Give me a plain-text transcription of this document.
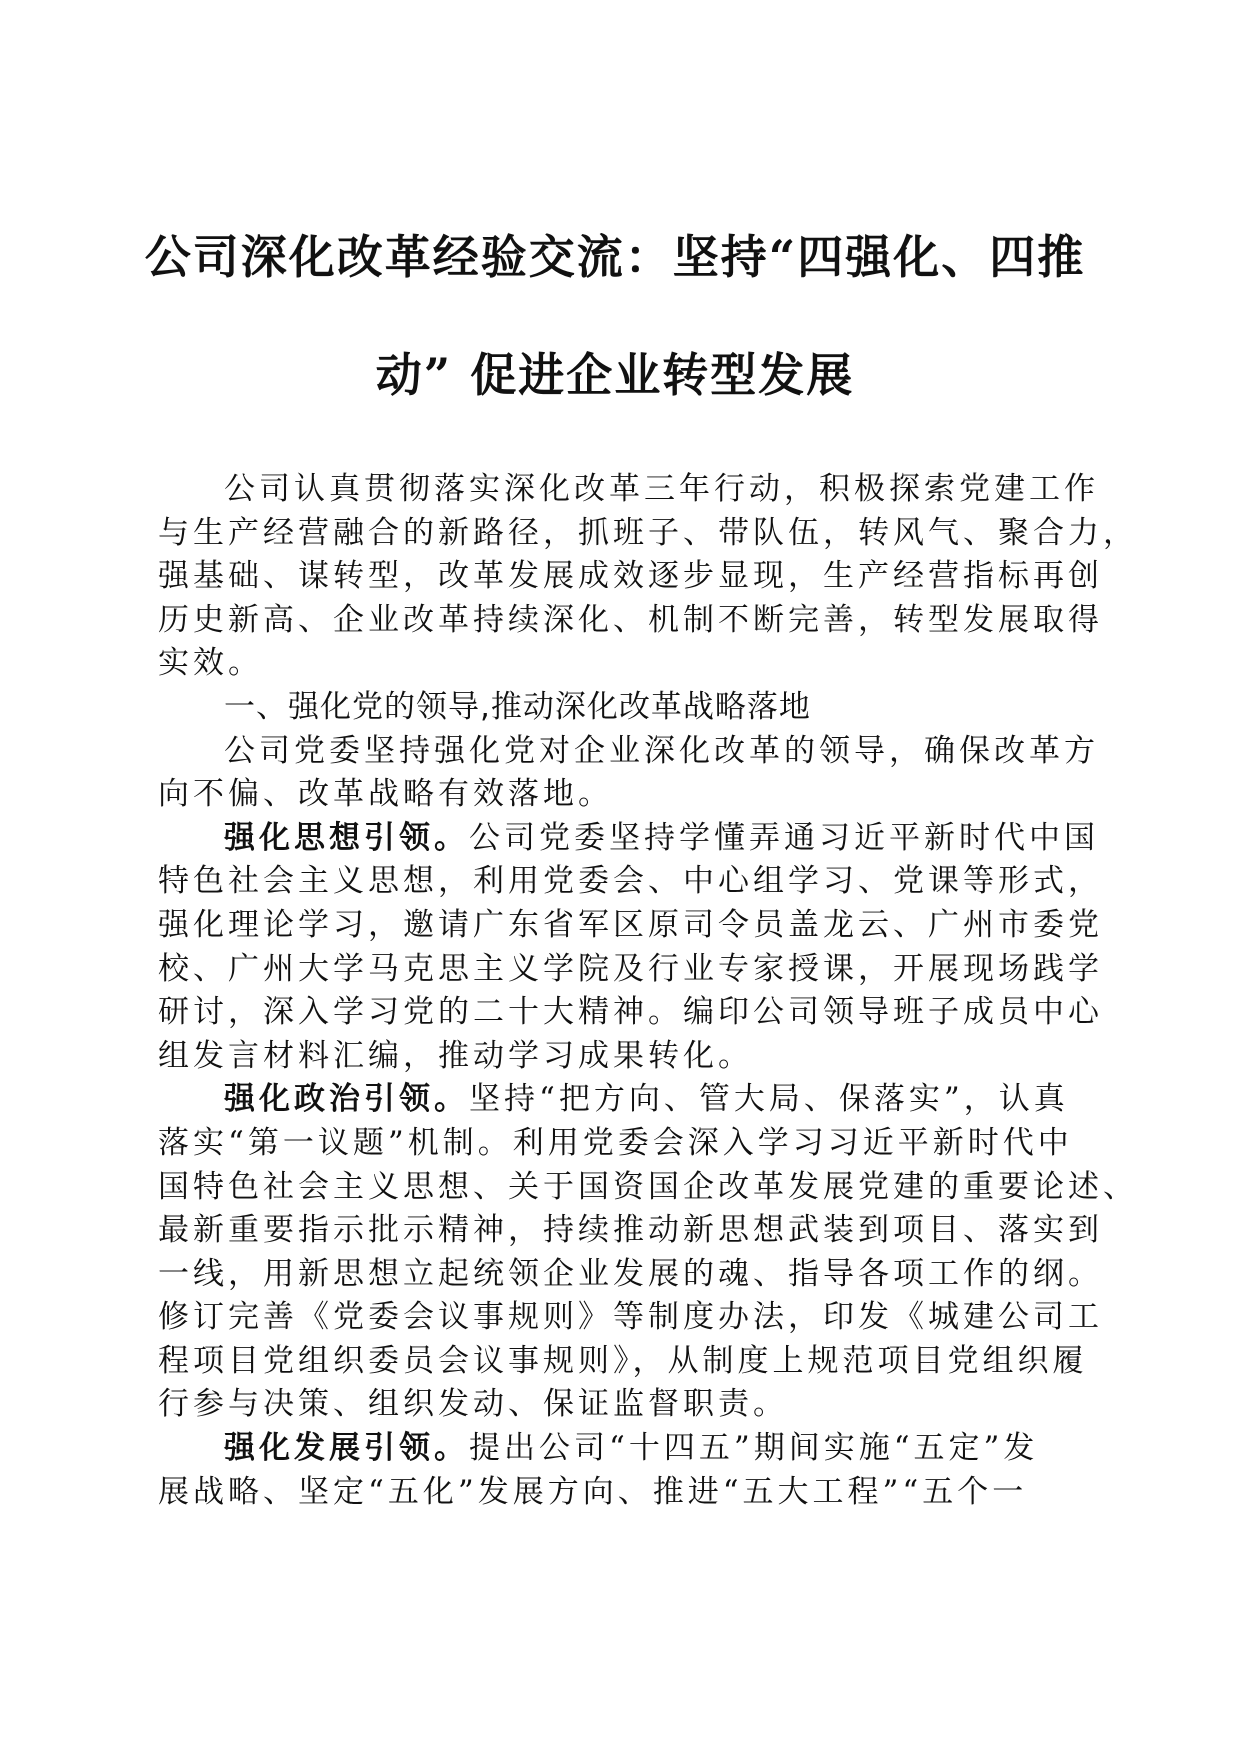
公司深化改革经验交流：坚持“四强化、四推
动” 促进企业转型发展
公司认真贯彻落实深化改革三年行动，积极探索党建工作
与生产经营融合的新路径，抓班子、带队伍，转风气、聚合力，
强基础、谋转型，改革发展成效逐步显现，生产经营指标再创
历史新高、企业改革持续深化、机制不断完善，转型发展取得
实效。
一、强化党的领导,推动深化改革战略落地
公司党委坚持强化党对企业深化改革的领导，确保改革方
向不偏、改革战略有效落地。
强化思想引领。公司党委坚持学懂弄通习近平新时代中国
特色社会主义思想，利用党委会、中心组学习、党课等形式，
强化理论学习，邀请广东省军区原司令员盖龙云、广州市委党
校、广州大学马克思主义学院及行业专家授课，开展现场践学
研讨，深入学习党的二十大精神。编印公司领导班子成员中心
组发言材料汇编，推动学习成果转化。
强化政治引领。坚持“把方向、管大局、保落实”，认真
落实“第一议题”机制。利用党委会深入学习习近平新时代中
国特色社会主义思想、关于国资国企改革发展党建的重要论述、
最新重要指示批示精神，持续推动新思想武装到项目、落实到
一线，用新思想立起统领企业发展的魂、指导各项工作的纲。
修订完善《党委会议事规则》等制度办法，印发《城建公司工
程项目党组织委员会议事规则》，从制度上规范项目党组织履
行参与决策、组织发动、保证监督职责。
强化发展引领。提出公司“十四五”期间实施“五定”发
展战略、坚定“五化”发展方向、推进“五大工程”“五个一
